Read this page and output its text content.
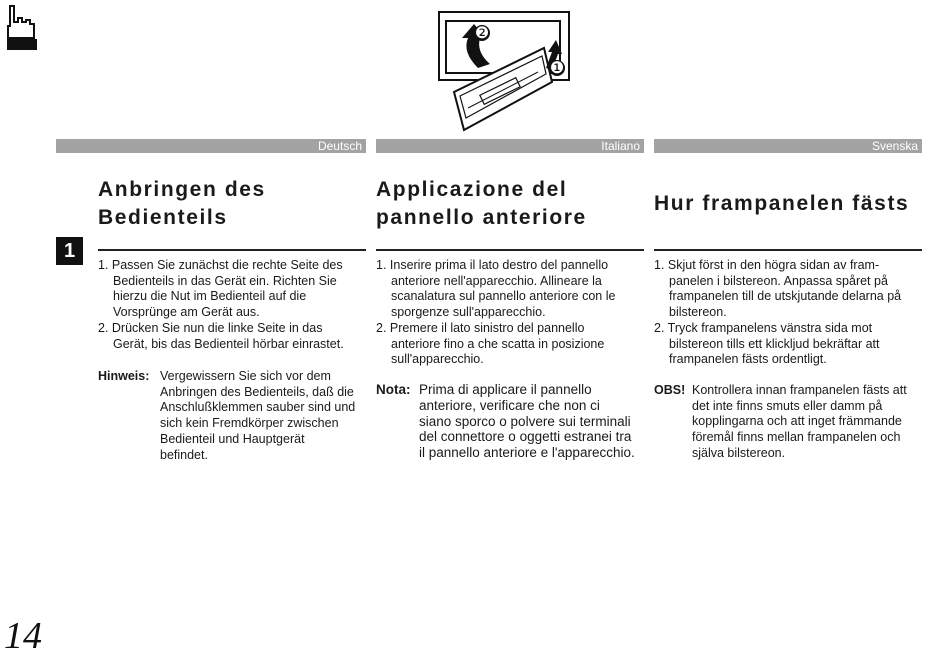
❷
❶
Deutsch	Italiano	Svenska
1
Anbringen des
Bedienteils

1. Passen Sie zunächst die rechte Seite des
Bedienteils in das Gerät ein. Richten Sie
hierzu die Nut im Bedienteil auf die
Vorsprünge am Gerät aus.

2. Drücken Sie nun die linke Seite in das
Gerät, bis das Bedienteil hörbar einrastet.

Hinweis: Vergewissern Sie sich vor dem
Anbringen des Bedienteils, daß die
Anschlußklemmen sauber sind und
sich kein Fremdkörper zwischen
Bedienteil und Hauptgerät
befindet.
Applicazione del
pannello anteriore

1. Inserire prima il lato destro del pannello
anteriore nell'apparecchio. Allineare la
scanalatura sul pannello anteriore con le
sporgenze sull'apparecchio.

2. Premere il lato sinistro del pannello
anteriore fino a che scatta in posizione
sull'apparecchio.

Nota: Prima di applicare il pannello
anteriore, verificare che non ci
siano sporco o polvere sui terminali
del connettore o oggetti estranei tra
il pannello anteriore e l'apparecchio.
Hur frampanelen fästs

1. Skjut först in den högra sidan av fram-
panelen i bilstereon. Anpassa spåret på
frampanelen till de utskjutande delarna på
bilstereon.

2. Tryck frampanelens vänstra sida mot
bilstereon tills ett klickljud bekräftar att
frampanelen fästs ordentligt.

OBS! Kontrollera innan frampanelen fästs att
det inte finns smuts eller damm på
kopplingarna och att inget främmande
föremål finns mellan frampanelen och
själva bilstereon.
14
